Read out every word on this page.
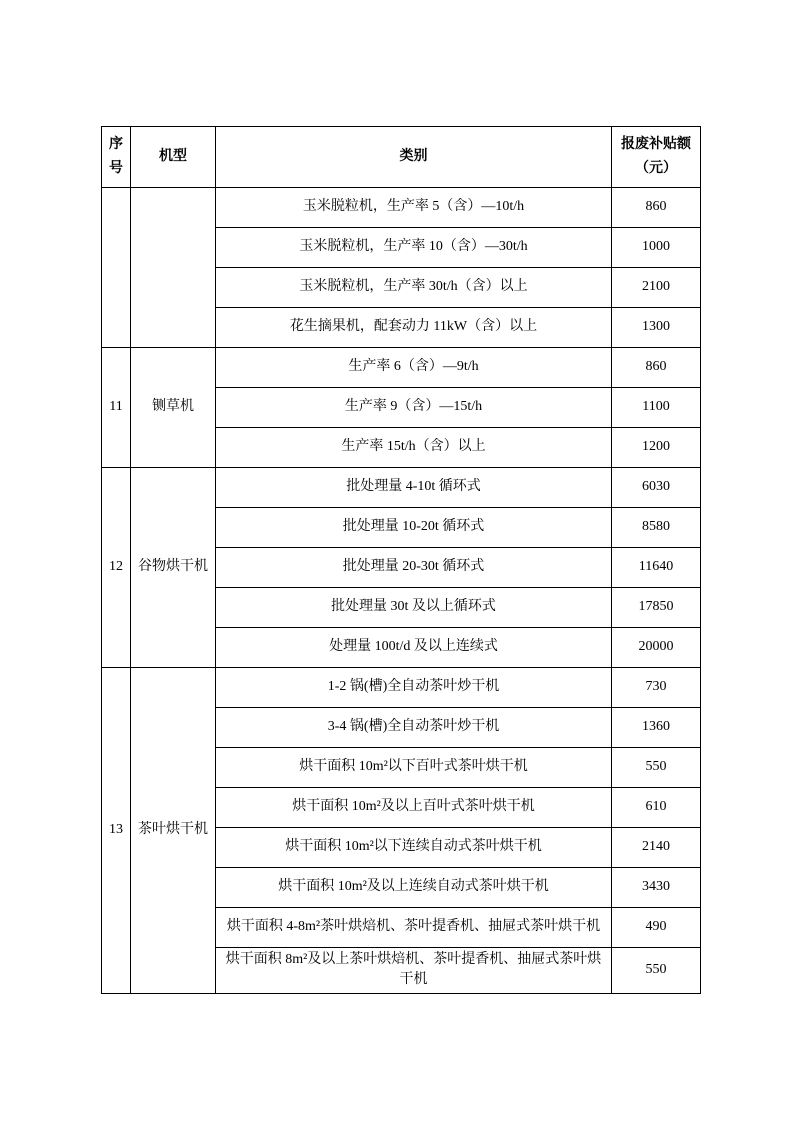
序号	机型	类别	报废补贴额（元）
		玉米脱粒机，生产率 5（含）—10t/h	860
		玉米脱粒机，生产率 10（含）—30t/h	1000
		玉米脱粒机，生产率 30t/h（含）以上	2100
		花生摘果机，配套动力 11kW（含）以上	1300
11	铡草机	生产率 6（含）—9t/h	860
		生产率 9（含）—15t/h	1100
		生产率 15t/h（含）以上	1200
12	谷物烘干机	批处理量 4-10t 循环式	6030
		批处理量 10-20t 循环式	8580
		批处理量 20-30t 循环式	11640
		批处理量 30t 及以上循环式	17850
		处理量 100t/d 及以上连续式	20000
13	茶叶烘干机	1-2 锅(槽)全自动茶叶炒干机	730
		3-4 锅(槽)全自动茶叶炒干机	1360
		烘干面积 10m²以下百叶式茶叶烘干机	550
		烘干面积 10m²及以上百叶式茶叶烘干机	610
		烘干面积 10m²以下连续自动式茶叶烘干机	2140
		烘干面积 10m²及以上连续自动式茶叶烘干机	3430
		烘干面积 4-8m²茶叶烘焙机、茶叶提香机、抽屉式茶叶烘干机	490
		烘干面积 8m²及以上茶叶烘焙机、茶叶提香机、抽屉式茶叶烘干机	550
